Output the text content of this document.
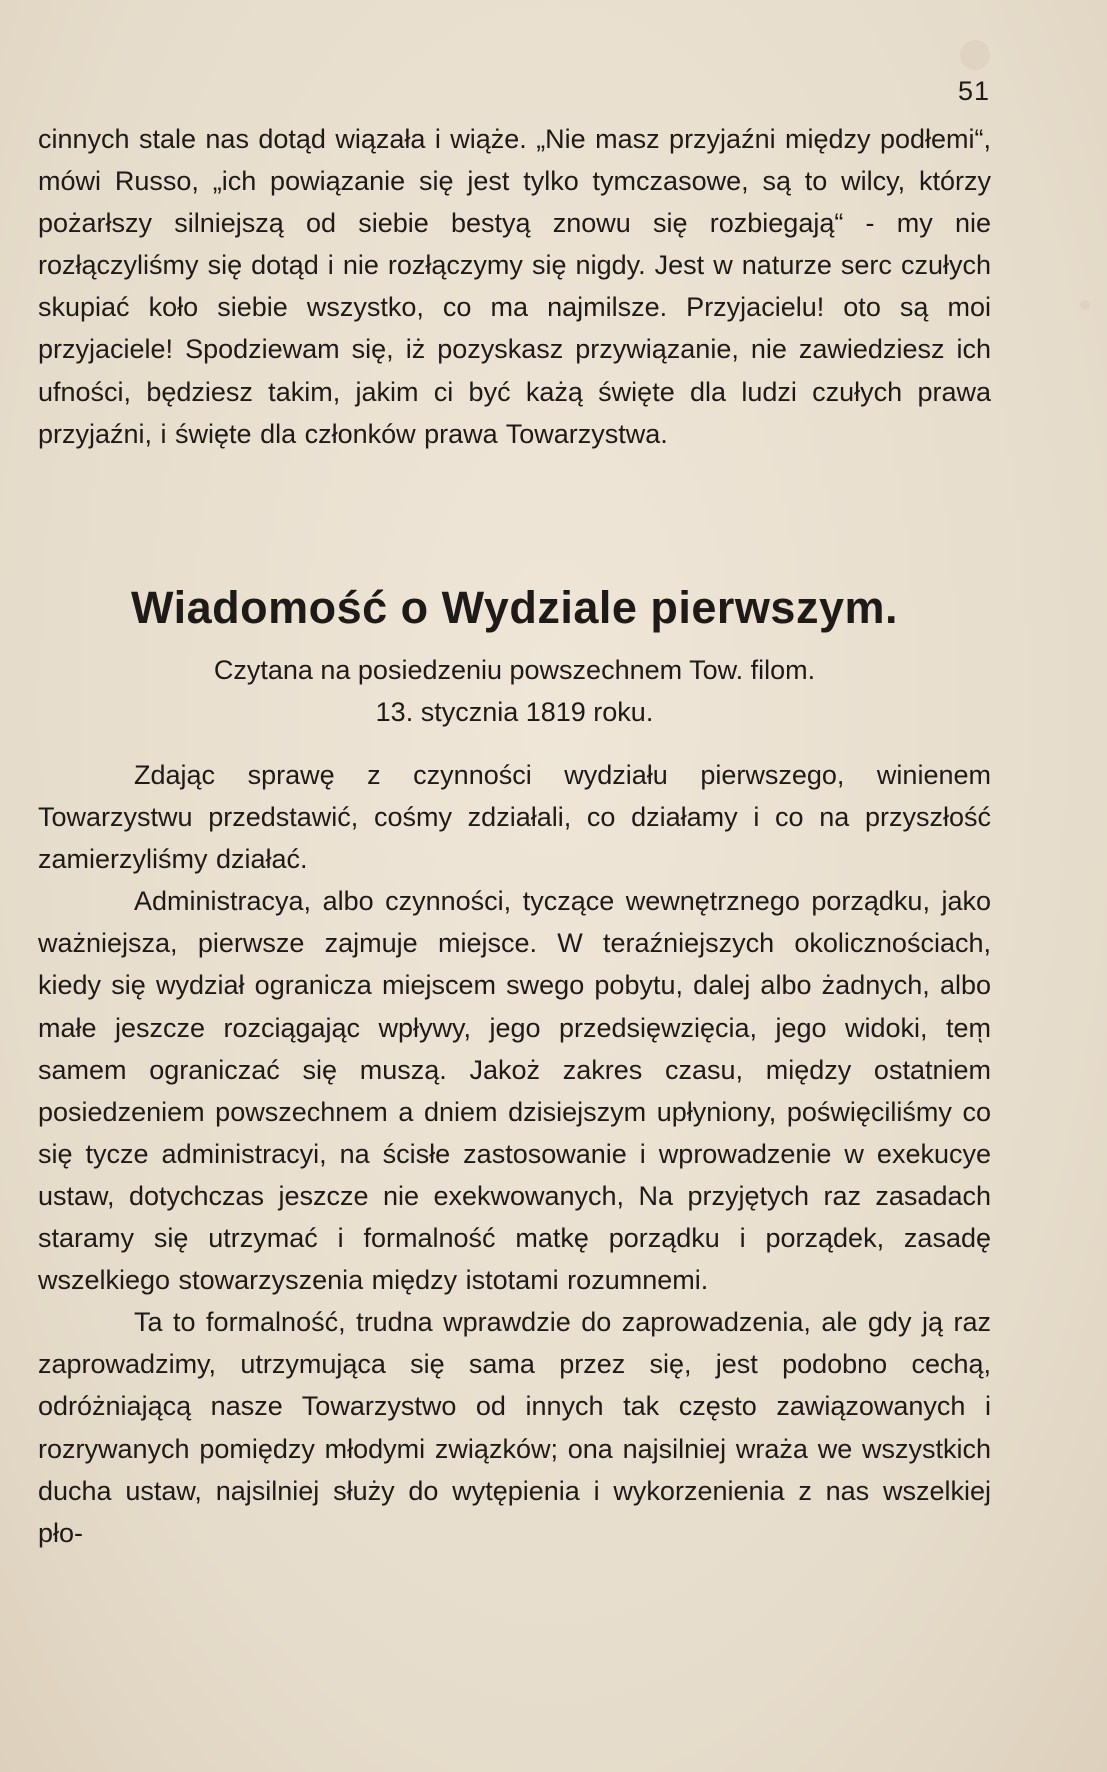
51

cinnych stale nas dotąd wiązała i wiąże. „Nie masz przyjaźni między podłemi“, mówi Russo, „ich powiązanie się jest tylko tymczasowe, są to wilcy, którzy pożarłszy silniejszą od siebie bestyą znowu się rozbiegają“ - my nie rozłączyliśmy się dotąd i nie rozłączymy się nigdy. Jest w naturze serc czułych skupiać koło siebie wszystko, co ma najmilsze. Przyjacielu! oto są moi przyjaciele! Spodziewam się, iż pozyskasz przywiązanie, nie zawiedziesz ich ufności, będziesz takim, jakim ci być każą święte dla ludzi czułych prawa przyjaźni, i święte dla członków prawa Towarzystwa.

Wiadomość o Wydziale pierwszym.
Czytana na posiedzeniu powszechnem Tow. filom.
13. stycznia 1819 roku.

Zdając sprawę z czynności wydziału pierwszego, winienem Towarzystwu przedstawić, cośmy zdziałali, co działamy i co na przyszłość zamierzyliśmy działać.

Administracya, albo czynności, tyczące wewnętrznego porządku, jako ważniejsza, pierwsze zajmuje miejsce. W teraźniejszych okolicznościach, kiedy się wydział ogranicza miejscem swego pobytu, dalej albo żadnych, albo małe jeszcze rozciągając wpływy, jego przedsięwzięcia, jego widoki, temͅ samem ograniczać się muszą. Jakoż zakres czasu, między ostatniem posiedzeniem powszechnem a dniem dzisiejszym upłyniony, poświęciliśmy co się tycze administracyi, na ścisłe zastosowanie i wprowadzenie w exekucye ustaw, dotychczas jeszcze nie exekwowanych, Na przyjętych raz zasadach staramy się utrzymać i formalność matkę porządku i porządek, zasadę wszelkiego stowarzyszenia między istotami rozumnemi.

Ta to formalność, trudna wprawdzie do zaprowadzenia, ale gdy ją raz zaprowadzimy, utrzymująca się sama przez się, jest podobno cechą, odróżniającą nasze Towarzystwo od innych tak często zawiązowanych i rozrywanych pomiędzy młodymi związków; ona najsilniej wraża we wszystkich ducha ustaw, najsilniej służy do wytępienia i wykorzenienia z nas wszelkiej pło-
